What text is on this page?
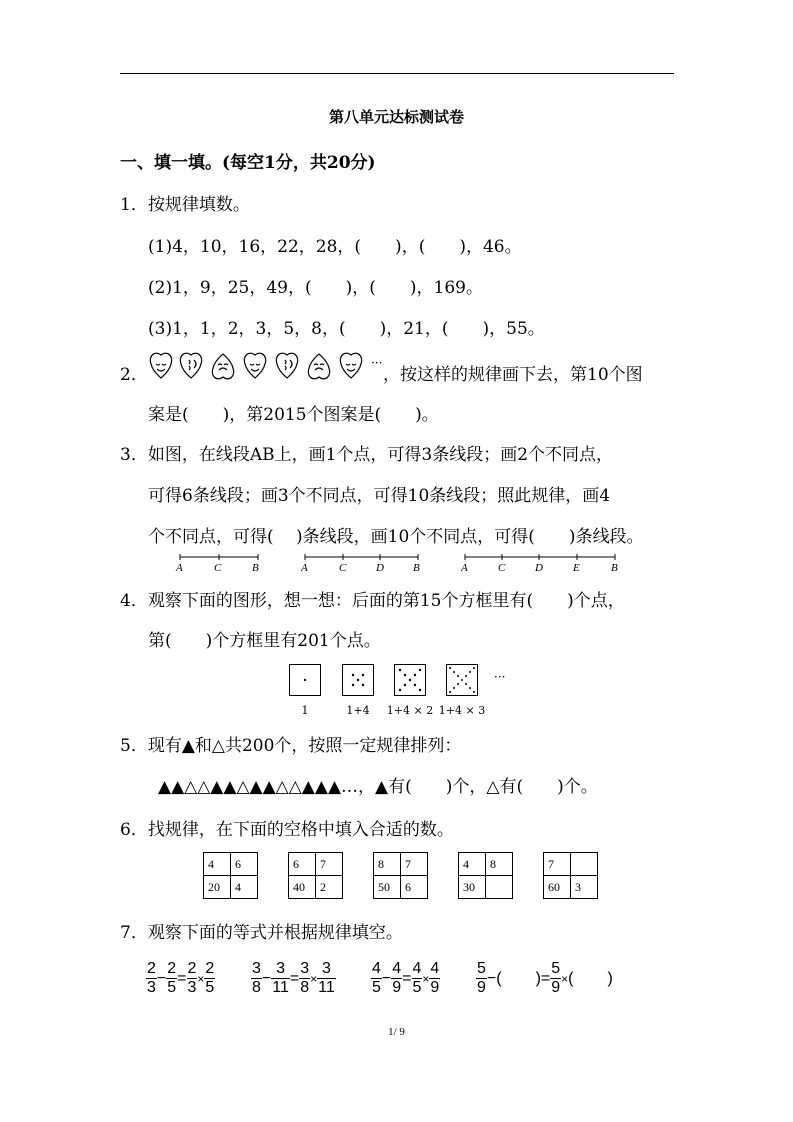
第八单元达标测试卷
一、填一填。(每空1分，共20分)
1．按规律填数。
(1)4，10，16，22，28，(　　)，(　　)，46。
(2)1，9，25，49，(　　)，(　　)，169。
(3)1，1，2，3，5，8，(　　)，21，(　　)，55。
2．
···
，按这样的规律画下去，第10个图
案是(　　)，第2015个图案是(　　)。
3．如图，在线段AB上，画1个点，可得3条线段；画2个不同点，
可得6条线段；画3个不同点，可得10条线段；照此规律，画4
个不同点，可得(　 )条线段，画10个不同点，可得(　　)条线段。
A	C	B	A	C	D	B	A	C	D	E	B
4．观察下面的图形，想一想：后面的第15个方框里有(　　)个点，
第(　　)个方框里有201个点。
···
1	1+4	1+4 × 2 1+4 × 3
5．现有▲和△共200个，按照一定规律排列：
▲▲△△▲▲△▲▲△△▲▲▲…，▲有(　　)个，△有(　　)个。
6．找规律，在下面的空格中填入合适的数。
4	6
20	4
6	7
40	2
8	7
50	6
4	8
30	
7	
60	3
7．观察下面的等式并根据规律填空。
$\frac{2}{3} - \frac{2}{5} = \frac{2}{3} \times \frac{2}{5} \frac{3}{8} - \frac{3}{11} = \frac{3}{8} \times \frac{3}{11} \frac{4}{5} - \frac{4}{9} = \frac{4}{5} \times \frac{4}{9} \frac{5}{9}$ −( )= $\frac{5}{9}$ ×( )
1/ 9
